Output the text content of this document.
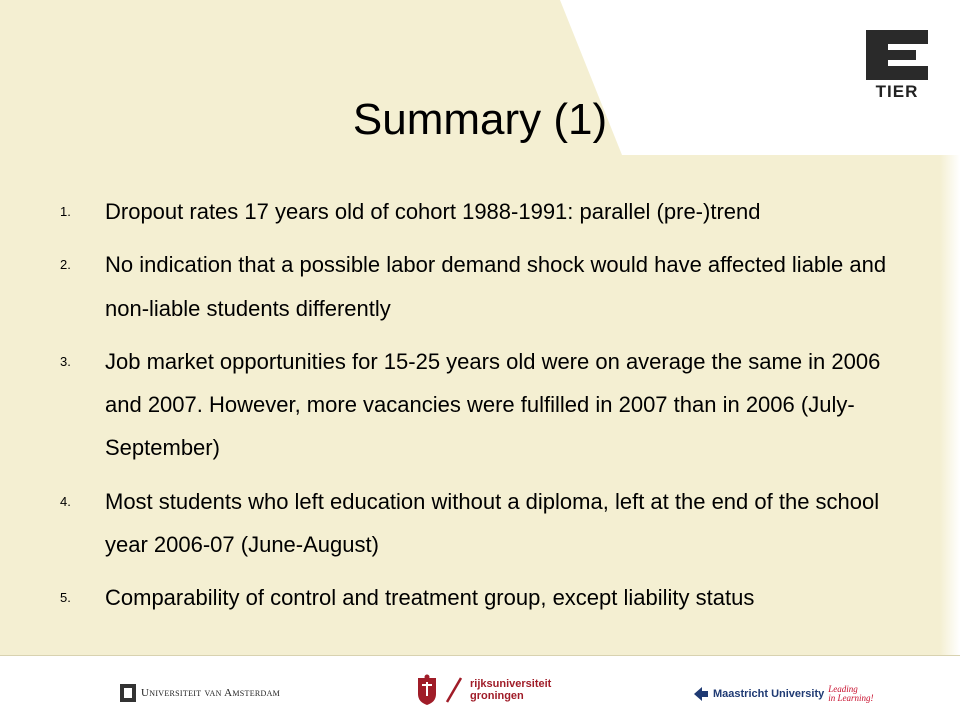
TIER
Summary (1)
1. Dropout rates 17 years old of cohort 1988-1991: parallel (pre-)trend
2. No indication that a possible labor demand shock would have affected liable and non-liable students differently
3. Job market opportunities for 15-25 years old were on average the same in 2006 and 2007. However, more vacancies were fulfilled in 2007 than in 2006 (July-September)
4. Most students who left education without a diploma, left at the end of the school year 2006-07 (June-August)
5. Comparability of control and treatment group, except liability status
Universiteit van Amsterdam
rijksuniversiteit
groningen	Maastricht University Leading
in Learning!
